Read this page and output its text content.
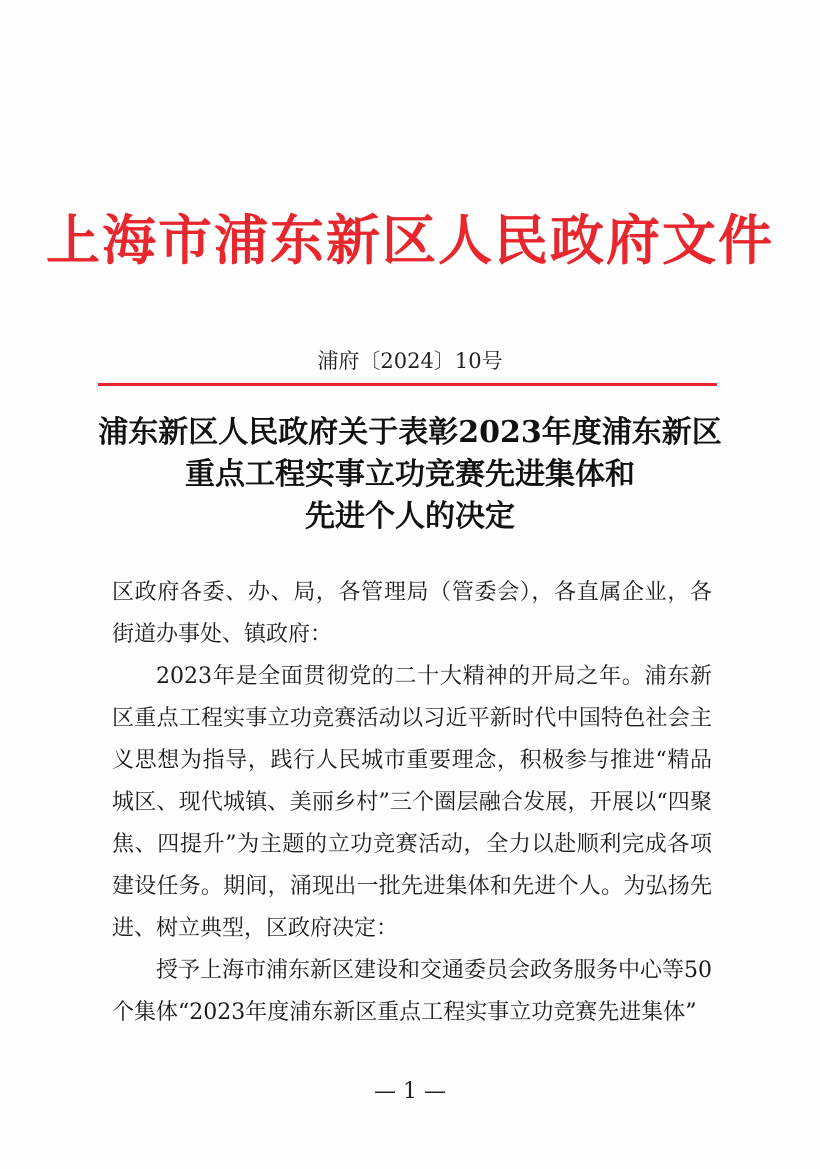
上海市浦东新区人民政府文件
浦府〔2024〕10号
浦东新区人民政府关于表彰2023年度浦东新区
重点工程实事立功竞赛先进集体和
先进个人的决定

区政府各委、办、局，各管理局（管委会），各直属企业，各街道办事处、镇政府：

2023年是全面贯彻党的二十大精神的开局之年。浦东新区重点工程实事立功竞赛活动以习近平新时代中国特色社会主义思想为指导，践行人民城市重要理念，积极参与推进“精品城区、现代城镇、美丽乡村”三个圈层融合发展，开展以“四聚焦、四提升”为主题的立功竞赛活动，全力以赴顺利完成各项建设任务。期间，涌现出一批先进集体和先进个人。为弘扬先进、树立典型，区政府决定：

授予上海市浦东新区建设和交通委员会政务服务中心等50个集体“2023年度浦东新区重点工程实事立功竞赛先进集体”

— 1 —
